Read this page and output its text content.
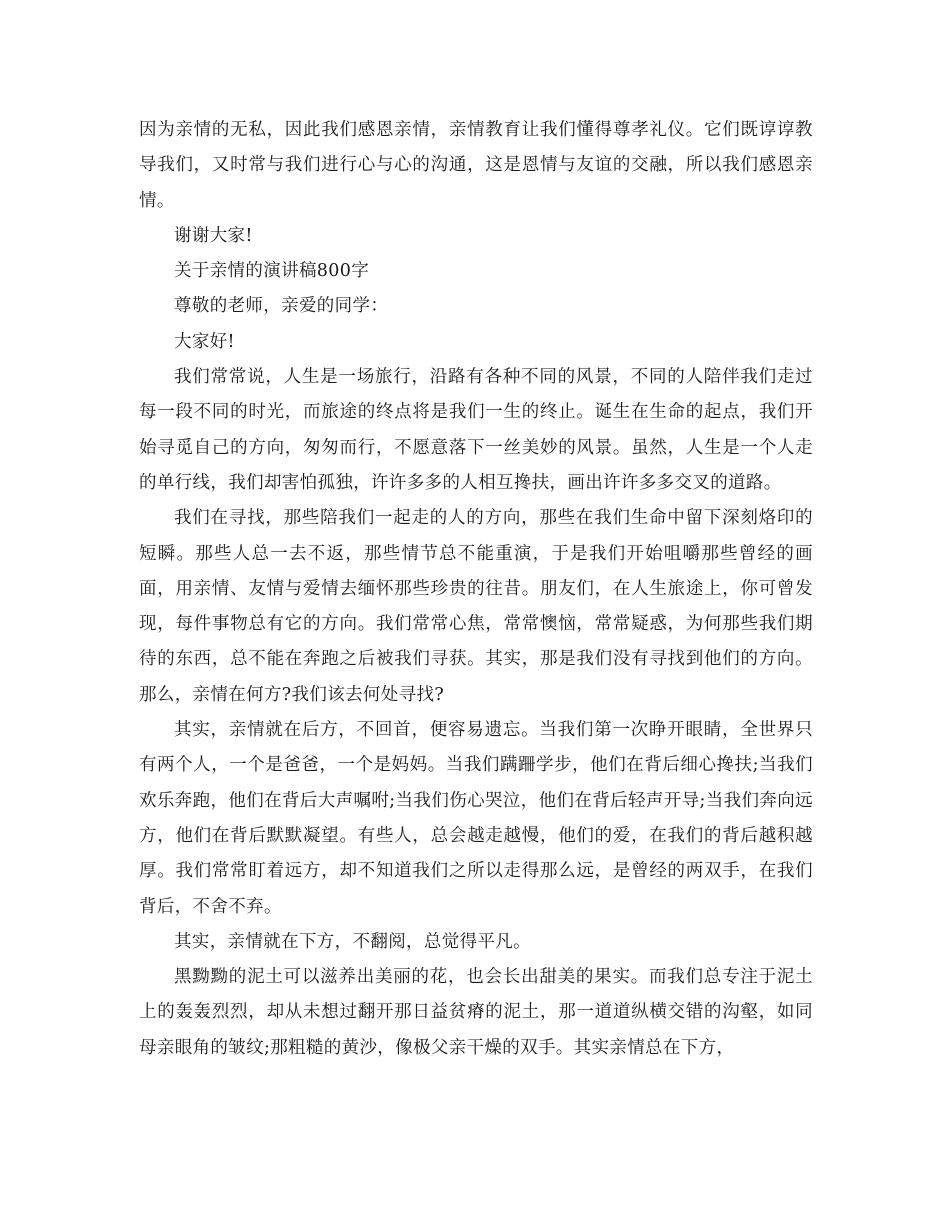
因为亲情的无私，因此我们感恩亲情，亲情教育让我们懂得尊孝礼仪。它们既谆谆教导我们，又时常与我们进行心与心的沟通，这是恩情与友谊的交融，所以我们感恩亲情。

谢谢大家!

关于亲情的演讲稿800字

尊敬的老师，亲爱的同学：

大家好!

我们常常说，人生是一场旅行，沿路有各种不同的风景，不同的人陪伴我们走过每一段不同的时光，而旅途的终点将是我们一生的终止。诞生在生命的起点，我们开始寻觅自己的方向，匆匆而行，不愿意落下一丝美妙的风景。虽然，人生是一个人走的单行线，我们却害怕孤独，许许多多的人相互搀扶，画出许许多多交叉的道路。

我们在寻找，那些陪我们一起走的人的方向，那些在我们生命中留下深刻烙印的短瞬。那些人总一去不返，那些情节总不能重演，于是我们开始咀嚼那些曾经的画面，用亲情、友情与爱情去缅怀那些珍贵的往昔。朋友们，在人生旅途上，你可曾发现，每件事物总有它的方向。我们常常心焦，常常懊恼，常常疑惑，为何那些我们期待的东西，总不能在奔跑之后被我们寻获。其实，那是我们没有寻找到他们的方向。那么，亲情在何方?我们该去何处寻找?

其实，亲情就在后方，不回首，便容易遗忘。当我们第一次睁开眼睛，全世界只有两个人，一个是爸爸，一个是妈妈。当我们蹒跚学步，他们在背后细心搀扶;当我们欢乐奔跑，他们在背后大声嘱咐;当我们伤心哭泣，他们在背后轻声开导;当我们奔向远方，他们在背后默默凝望。有些人，总会越走越慢，他们的爱，在我们的背后越积越厚。我们常常盯着远方，却不知道我们之所以走得那么远，是曾经的两双手，在我们背后，不舍不弃。

其实，亲情就在下方，不翻阅，总觉得平凡。

黑黝黝的泥土可以滋养出美丽的花，也会长出甜美的果实。而我们总专注于泥土上的轰轰烈烈，却从未想过翻开那日益贫瘠的泥土，那一道道纵横交错的沟壑，如同母亲眼角的皱纹;那粗糙的黄沙，像极父亲干燥的双手。其实亲情总在下方，
